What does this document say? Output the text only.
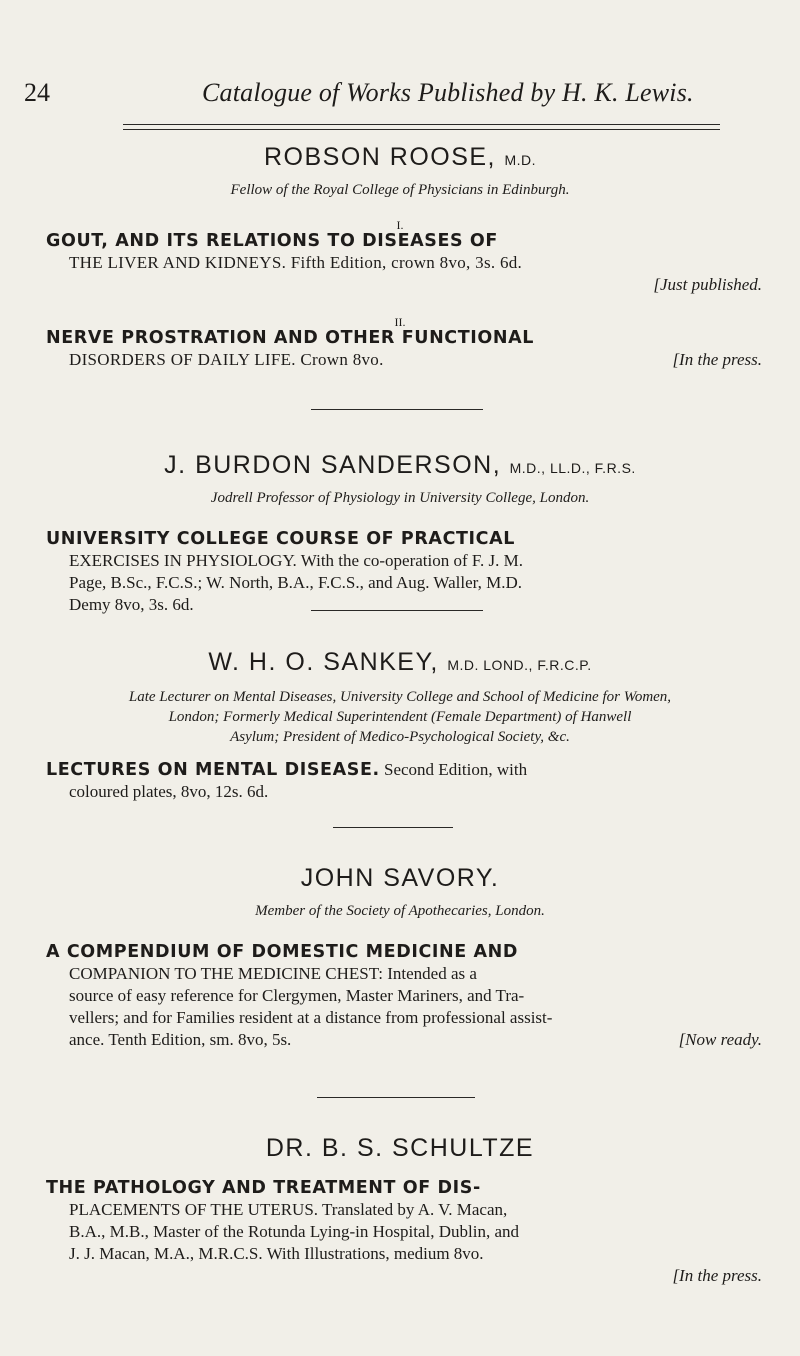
24	Catalogue of Works Published by H. K. Lewis.
ROBSON ROOSE, M.D.
Fellow of the Royal College of Physicians in Edinburgh.
I.
GOUT, AND ITS RELATIONS TO DISEASES OF
THE LIVER AND KIDNEYS. Fifth Edition, crown 8vo, 3s. 6d.
[Just published.
II.
NERVE PROSTRATION AND OTHER FUNCTIONAL
DISORDERS OF DAILY LIFE. Crown 8vo.	[In the press.
J. BURDON SANDERSON, M.D., LL.D., F.R.S.
Jodrell Professor of Physiology in University College, London.
UNIVERSITY COLLEGE COURSE OF PRACTICAL
EXERCISES IN PHYSIOLOGY. With the co-operation of F. J. M.
Page, B.Sc., F.C.S.; W. North, B.A., F.C.S., and Aug. Waller, M.D.
Demy 8vo, 3s. 6d.
W. H. O. SANKEY, M.D. LOND., F.R.C.P.
Late Lecturer on Mental Diseases, University College and School of Medicine for Women,
London; Formerly Medical Superintendent (Female Department) of Hanwell
Asylum; President of Medico-Psychological Society, &c.
LECTURES ON MENTAL DISEASE. Second Edition, with
coloured plates, 8vo, 12s. 6d.
JOHN SAVORY.
Member of the Society of Apothecaries, London.
A COMPENDIUM OF DOMESTIC MEDICINE AND
COMPANION TO THE MEDICINE CHEST: Intended as a
source of easy reference for Clergymen, Master Mariners, and Tra-
vellers; and for Families resident at a distance from professional assist-
ance. Tenth Edition, sm. 8vo, 5s.	[Now ready.
DR. B. S. SCHULTZE
THE PATHOLOGY AND TREATMENT OF DIS-
PLACEMENTS OF THE UTERUS. Translated by A. V. Macan,
B.A., M.B., Master of the Rotunda Lying-in Hospital, Dublin, and
J. J. Macan, M.A., M.R.C.S. With Illustrations, medium 8vo.
[In the press.
